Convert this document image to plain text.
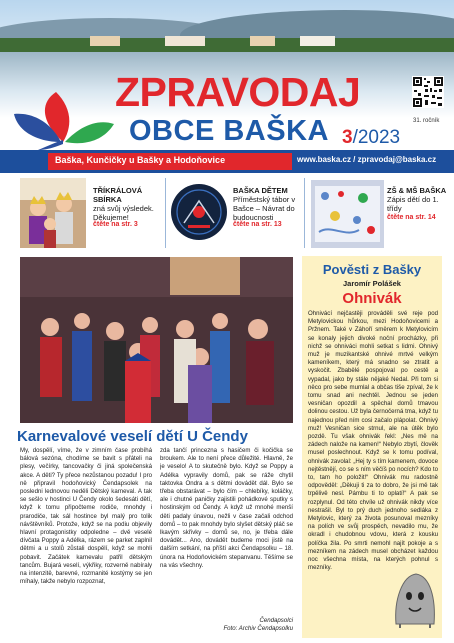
ZPRAVODAJ
OBCE BAŠKA 3/2023
31. ročník
Baška, Kunčičky u Bašky a Hodoňovice	www.baska.cz / zpravodaj@baska.cz
TŘÍKRÁLOVÁ SBÍRKA
zná svůj výsledek. Děkujeme!
čtěte na str. 3
BAŠKA DĚTEM
Příměstský tábor v Bašce – Návrat do budoucnosti
čtěte na str. 13
ZŠ & MŠ BAŠKA
Zápis dětí do 1. třídy
čtěte na str. 14
Karnevalové veselí dětí U Čendy

My, dospělí, víme, že v zimním čase probíhá bálová sezóna, chodíme se bavit s přáteli na plesy, večírky, tancovačky či jiná společenská akce. A děti? Ty přece nezůstanou pozadu! I pro ně připravil hodoňovický Čendapsolek na posledni lednovou neděli Dětský karneval. A tak se sešlo v hostinci U Čendy okolo šedesáti dětí, když k tomu připočteme rodiče, mnohdy i prarodiče, tak sál hostince byl malý pro tolik návštěvníků. Protože, když se na podiu objevily hlavní protagonistky odpoledne – dvě veselé dívčata Poppy a Adélka, rázem se parket zaplnil dětmi a u stolů zůstali dospělí, když se mohli pobavit. Začátek karnevalu patřil dětským tancům. Bujará veselí, výkřiky, rozverně nabíraly na intenzitě, barevné, rozmanité kostýmy se jen míhaly, takže nebylo rozpoznat,

zda tančí princezna s hasičem či kočička se broukem. Ale to není přece důležité. Hlavně, že je veselo! A to skutečně bylo. Když se Poppy a Adélka vypravily domů, pak se ráže chytil taktovka Ondra a s dětmi dovádět dál. Bylo se třeba obstarávat – bylo čím – chlebíky, koláčky, ale i chutné paničky zajistili pohádkové sputky s hostinským od Čendy. A když už mnohé menší děti padaly únavou, nežli v čase začali odchod domů – to pak mnohdy bylo slyšet dětský pláč se lkavým skřivky – domů se, no, je třeba dále dovádět... Ano, dovádět budeme moci jistě na dalším setkání, na příští akci Čendapsolku – 18. února na Hodoňovickém stepanvanu. Těšíme se na vás všechny.

Čendapsolci
Foto: Archiv Čendapsolku
Pověsti z Bašky
Jaromír Polášek
Ohnivák

Ohnivácí nejčastěji prováděli své reje pod Metylovickou hůrkou, mezi Hodoňovicemi a Pržnem. Také v Záhoří směrem k Metylovicím se konaly jejich divoké noční procházky, při nichž se ohniváci mohli setkat s lidmi. Ohnivý muž je muzikantské ohnivé mrtvé velkým kameníkem, který má snadno se ztratit a vyskočit. Zbabělé pospojoval po cestě a vypadal, jako by stále nějaké Nedal. Při tom si něco pro sebe mumlal a občas tiše zpíval, že k tomu snad ani nechtěl. Jednou se jeden vesničan opozdil a spěchal domů tmavou dolinou cestou. Už byla černočerná tma, když tu najednou před ním cosi začalo plápolat. Ohnivý muž! Vesničan sice strnul, ale na útěk bylo pozdě. Tu však ohnivák řekl: „Nes mě na zádech nalože na kamen!“ Nebylo zbytí, člověk musel poslechnout. Když se k tomu podíval, ohnivák zavolal: „Hej ty s tím kamenem, dovoce nejtěstnějí, co se s ním věčíš po nocích? Kdo to to, tam ho položit!“ Ohnivák mu radostně odpověděl: „Děkuji ti za to dobro, že jsi mě tak trpělivě nesl. Pámbu ti to oplatí!“ A pak se rozplynul. Od této chvíle už ohnivák nikdy více nestrašil. Byl to prý duch jednoho sedláka z Metylovic, který za života posunoval mezníky na polích ve svůj prospěch, nevadilo mu, že okradl i chudobnou vdovu, která z kousku políčka žila. Po smrti nemohl najít pokoje a s mezníkem na zádech musel obcházet každou noc všechna místa, na kterých pohnul s mezníky.
